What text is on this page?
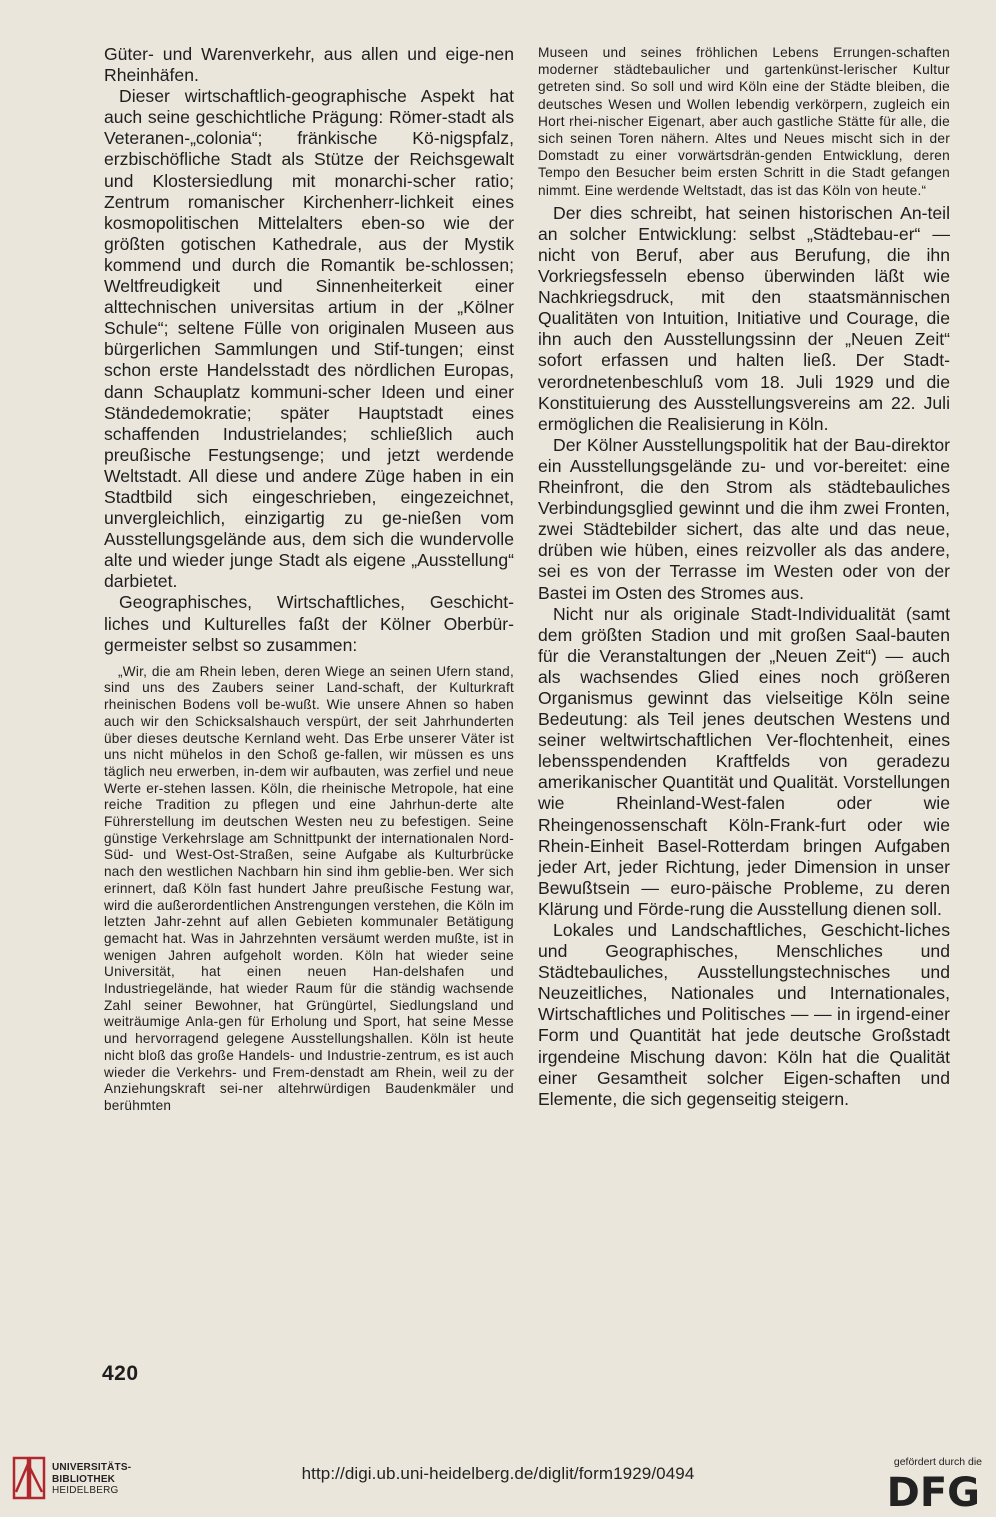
Güter- und Warenverkehr, aus allen und eige-nen Rheinhäfen.

Dieser wirtschaftlich-geographische Aspekt hat auch seine geschichtliche Prägung: Römer-stadt als Veteranen-„colonia“; fränkische Kö-nigspfalz, erzbischöfliche Stadt als Stütze der Reichsgewalt und Klostersiedlung mit monarchi-scher ratio; Zentrum romanischer Kirchenherr-lichkeit eines kosmopolitischen Mittelalters eben-so wie der größten gotischen Kathedrale, aus der Mystik kommend und durch die Romantik be-schlossen; Weltfreudigkeit und Sinnenheiterkeit einer alttechnischen universitas artium in der „Kölner Schule“; seltene Fülle von originalen Museen aus bürgerlichen Sammlungen und Stif-tungen; einst schon erste Handelsstadt des nördlichen Europas, dann Schauplatz kommuni-scher Ideen und einer Ständedemokratie; später Hauptstadt eines schaffenden Industrielandes; schließlich auch preußische Festungsenge; und jetzt werdende Weltstadt. All diese und andere Züge haben in ein Stadtbild sich eingeschrieben, eingezeichnet, unvergleichlich, einzigartig zu ge-nießen vom Ausstellungsgelände aus, dem sich die wundervolle alte und wieder junge Stadt als eigene „Ausstellung“ darbietet.

Geographisches, Wirtschaftliches, Geschicht-liches und Kulturelles faßt der Kölner Oberbür-germeister selbst so zusammen:

„Wir, die am Rhein leben, deren Wiege an seinen Ufern stand, sind uns des Zaubers seiner Land-schaft, der Kulturkraft rheinischen Bodens voll be-wußt. Wie unsere Ahnen so haben auch wir den Schicksalshauch verspürt, der seit Jahrhunderten über dieses deutsche Kernland weht. Das Erbe unserer Väter ist uns nicht mühelos in den Schoß ge-fallen, wir müssen es uns täglich neu erwerben, in-dem wir aufbauten, was zerfiel und neue Werte er-stehen lassen. Köln, die rheinische Metropole, hat eine reiche Tradition zu pflegen und eine Jahrhun-derte alte Führerstellung im deutschen Westen neu zu befestigen. Seine günstige Verkehrslage am Schnittpunkt der internationalen Nord-Süd- und West-Ost-Straßen, seine Aufgabe als Kulturbrücke nach den westlichen Nachbarn hin sind ihm geblie-ben. Wer sich erinnert, daß Köln fast hundert Jahre preußische Festung war, wird die außerordentlichen Anstrengungen verstehen, die Köln im letzten Jahr-zehnt auf allen Gebieten kommunaler Betätigung gemacht hat. Was in Jahrzehnten versäumt werden mußte, ist in wenigen Jahren aufgeholt worden. Köln hat wieder seine Universität, hat einen neuen Han-delshafen und Industriegelände, hat wieder Raum für die ständig wachsende Zahl seiner Bewohner, hat Grüngürtel, Siedlungsland und weiträumige Anla-gen für Erholung und Sport, hat seine Messe und hervorragend gelegene Ausstellungshallen. Köln ist heute nicht bloß das große Handels- und Industrie-zentrum, es ist auch wieder die Verkehrs- und Frem-denstadt am Rhein, weil zu der Anziehungskraft sei-ner altehrwürdigen Baudenkmäler und berühmten

Museen und seines fröhlichen Lebens Errungen-schaften moderner städtebaulicher und gartenkünst-lerischer Kultur getreten sind. So soll und wird Köln eine der Städte bleiben, die deutsches Wesen und Wollen lebendig verkörpern, zugleich ein Hort rhei-nischer Eigenart, aber auch gastliche Stätte für alle, die sich seinen Toren nähern. Altes und Neues mischt sich in der Domstadt zu einer vorwärtsdrän-genden Entwicklung, deren Tempo den Besucher beim ersten Schritt in die Stadt gefangen nimmt. Eine werdende Weltstadt, das ist das Köln von heute.“

Der dies schreibt, hat seinen historischen An-teil an solcher Entwicklung: selbst „Städtebau-er“ — nicht von Beruf, aber aus Berufung, die ihn Vorkriegsfesseln ebenso überwinden läßt wie Nachkriegsdruck, mit den staatsmännischen Qualitäten von Intuition, Initiative und Courage, die ihn auch den Ausstellungssinn der „Neuen Zeit“ sofort erfassen und halten ließ. Der Stadt-verordnetenbeschluß vom 18. Juli 1929 und die Konstituierung des Ausstellungsvereins am 22. Juli ermöglichen die Realisierung in Köln.

Der Kölner Ausstellungspolitik hat der Bau-direktor ein Ausstellungsgelände zu- und vor-bereitet: eine Rheinfront, die den Strom als städtebauliches Verbindungsglied gewinnt und die ihm zwei Fronten, zwei Städtebilder sichert, das alte und das neue, drüben wie hüben, eines reizvoller als das andere, sei es von der Terrasse im Westen oder von der Bastei im Osten des Stromes aus.

Nicht nur als originale Stadt-Individualität (samt dem größten Stadion und mit großen Saal-bauten für die Veranstaltungen der „Neuen Zeit“) — auch als wachsendes Glied eines noch größeren Organismus gewinnt das vielseitige Köln seine Bedeutung: als Teil jenes deutschen Westens und seiner weltwirtschaftlichen Ver-flochtenheit, eines lebensspendenden Kraftfelds von geradezu amerikanischer Quantität und Qualität. Vorstellungen wie Rheinland-West-falen oder wie Rheingenossenschaft Köln-Frank-furt oder wie Rhein-Einheit Basel-Rotterdam bringen Aufgaben jeder Art, jeder Richtung, jeder Dimension in unser Bewußtsein — euro-päische Probleme, zu deren Klärung und Förde-rung die Ausstellung dienen soll.

Lokales und Landschaftliches, Geschicht-liches und Geographisches, Menschliches und Städtebauliches, Ausstellungstechnisches und Neuzeitliches, Nationales und Internationales, Wirtschaftliches und Politisches — — in irgend-einer Form und Quantität hat jede deutsche Großstadt irgendeine Mischung davon: Köln hat die Qualität einer Gesamtheit solcher Eigen-schaften und Elemente, die sich gegenseitig steigern.

420
UNIVERSITÄTS-
BIBLIOTHEK
HEIDELBERG
http://digi.ub.uni-heidelberg.de/diglit/form1929/0494
gefördert durch die
DFG
